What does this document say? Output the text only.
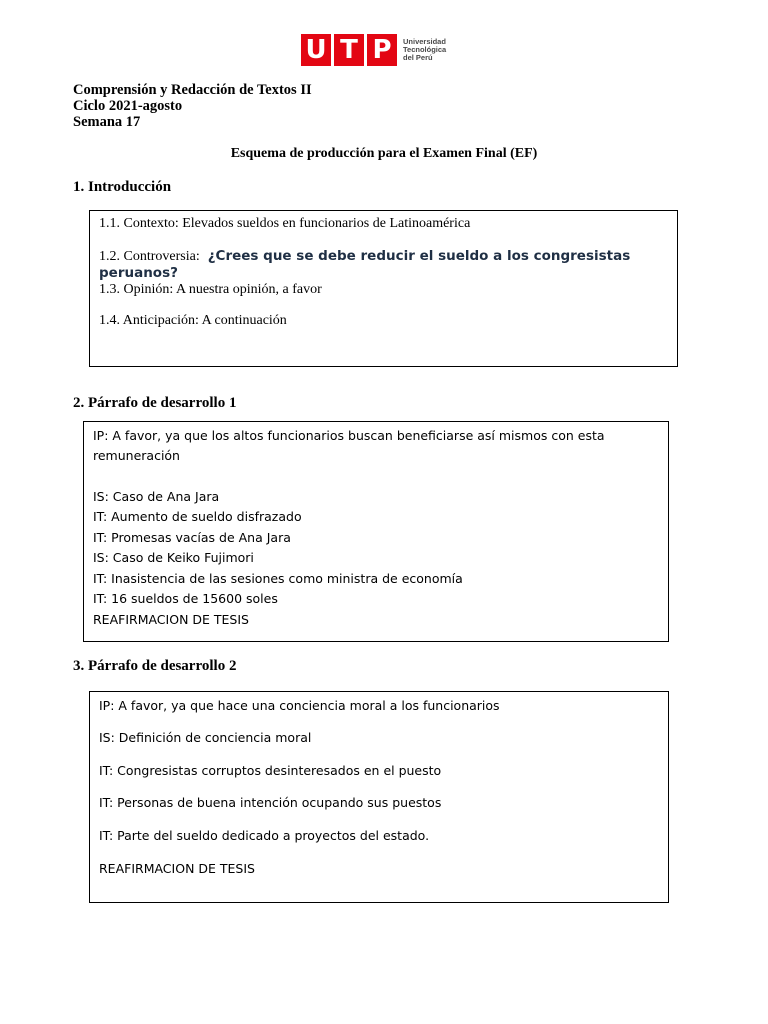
U T P	Universidad
Tecnológica
del Perú
Comprensión y Redacción de Textos II
Ciclo 2021-agosto
Semana 17
Esquema de producción para el Examen Final (EF)
1. Introducción
1.1. Contexto: Elevados sueldos en funcionarios de Latinoamérica
1.2. Controversia: ¿Crees que se debe reducir el sueldo a los congresistas
peruanos?
1.3. Opinión: A nuestra opinión, a favor
1.4. Anticipación: A continuación
2. Párrafo de desarrollo 1
IP: A favor, ya que los altos funcionarios buscan beneficiarse así mismos con esta
remuneración
IS: Caso de Ana Jara
IT: Aumento de sueldo disfrazado
IT: Promesas vacías de Ana Jara
IS: Caso de Keiko Fujimori
IT: Inasistencia de las sesiones como ministra de economía
IT: 16 sueldos de 15600 soles
REAFIRMACION DE TESIS
3. Párrafo de desarrollo 2
IP: A favor, ya que hace una conciencia moral a los funcionarios
IS: Definición de conciencia moral
IT: Congresistas corruptos desinteresados en el puesto
IT: Personas de buena intención ocupando sus puestos
IT: Parte del sueldo dedicado a proyectos del estado.
REAFIRMACION DE TESIS
